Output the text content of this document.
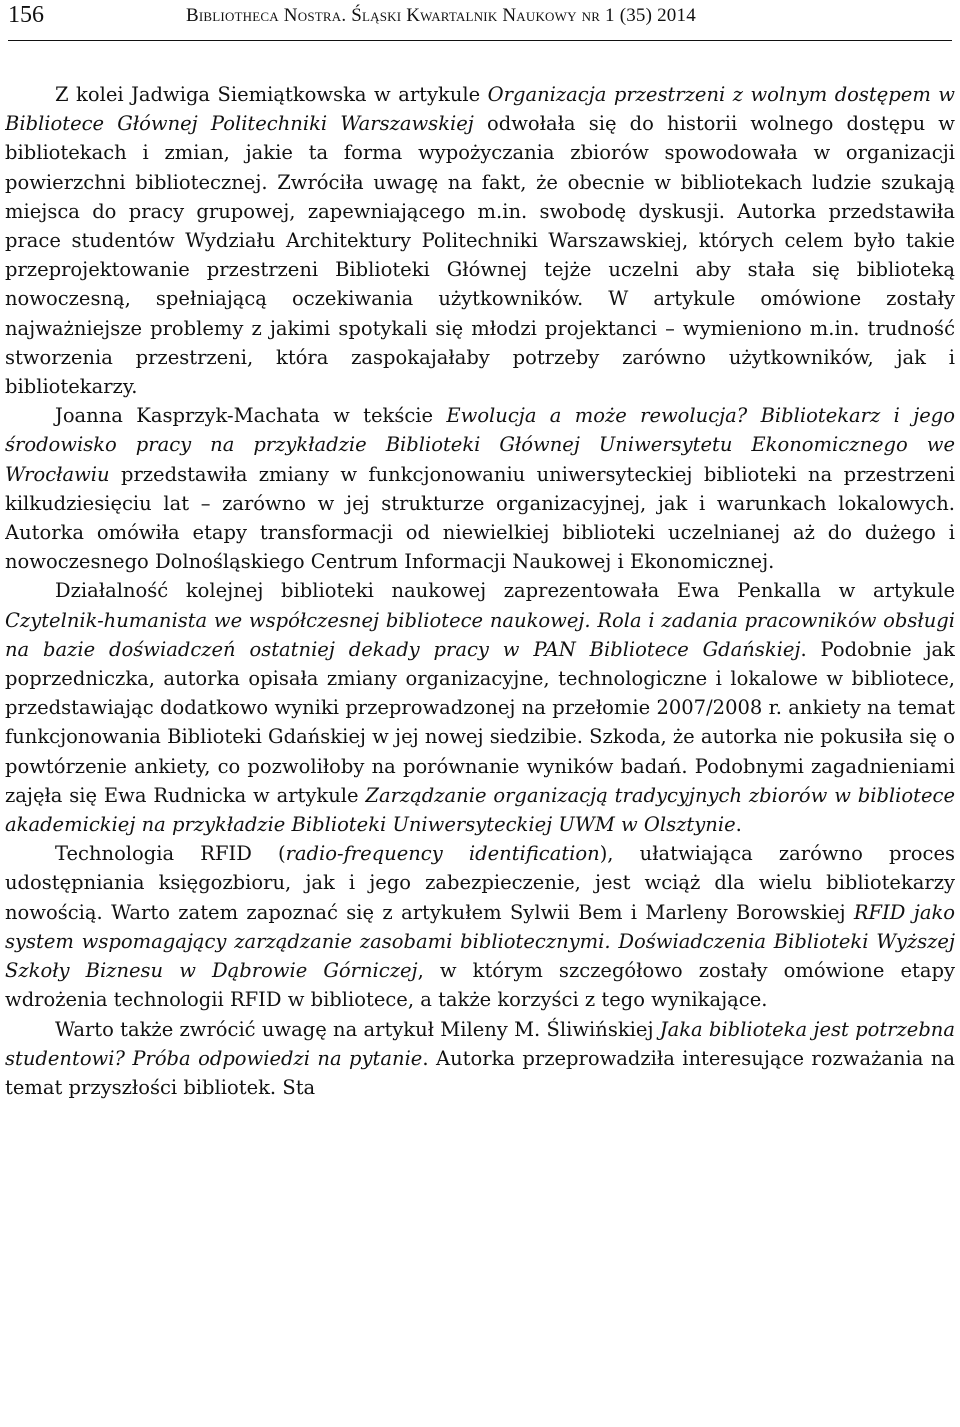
156	Bibliotheca Nostra. Śląski Kwartalnik Naukowy nr 1 (35) 2014

Z kolei Jadwiga Siemiątkowska w artykule Organizacja przestrzeni z wolnym dostępem w Bibliotece Głównej Politechniki Warszawskiej odwołała się do historii wolnego dostępu w bibliotekach i zmian, jakie ta forma wypożyczania zbiorów spowodowała w organizacji powierzchni bibliotecznej. Zwróciła uwagę na fakt, że obecnie w bibliotekach ludzie szukają miejsca do pracy grupowej, zapewniającego m.in. swobodę dyskusji. Autorka przedstawiła prace studentów Wydziału Architektury Politechniki Warszawskiej, których celem było takie przeprojektowanie przestrzeni Biblioteki Głównej tejże uczelni aby stała się biblioteką nowoczesną, spełniającą oczekiwania użytkowników. W artykule omówione zostały najważniejsze problemy z jakimi spotykali się młodzi projektanci – wymieniono m.in. trudność stworzenia przestrzeni, która zaspokajałaby potrzeby zarówno użytkowników, jak i bibliotekarzy.

Joanna Kasprzyk-Machata w tekście Ewolucja a może rewolucja? Bibliotekarz i jego środowisko pracy na przykładzie Biblioteki Głównej Uniwersytetu Ekonomicznego we Wrocławiu przedstawiła zmiany w funkcjonowaniu uniwersyteckiej biblioteki na przestrzeni kilkudziesięciu lat – zarówno w jej strukturze organizacyjnej, jak i warunkach lokalowych. Autorka omówiła etapy transformacji od niewielkiej biblioteki uczelnianej aż do dużego i nowoczesnego Dolnośląskiego Centrum Informacji Naukowej i Ekonomicznej.

Działalność kolejnej biblioteki naukowej zaprezentowała Ewa Penkalla w artykule Czytelnik-humanista we współczesnej bibliotece naukowej. Rola i zadania pracowników obsługi na bazie doświadczeń ostatniej dekady pracy w PAN Bibliotece Gdańskiej. Podobnie jak poprzedniczka, autorka opisała zmiany organizacyjne, technologiczne i lokalowe w bibliotece, przedstawiając dodatkowo wyniki przeprowadzonej na przełomie 2007/2008 r. ankiety na temat funkcjonowania Biblioteki Gdańskiej w jej nowej siedzibie. Szkoda, że autorka nie pokusiła się o powtórzenie ankiety, co pozwoliłoby na porównanie wyników badań. Podobnymi zagadnieniami zajęła się Ewa Rudnicka w artykule Zarządzanie organizacją tradycyjnych zbiorów w bibliotece akademickiej na przykładzie Biblioteki Uniwersyteckiej UWM w Olsztynie.

Technologia RFID (radio-frequency identification), ułatwiająca zarówno proces udostępniania księgozbioru, jak i jego zabezpieczenie, jest wciąż dla wielu bibliotekarzy nowością. Warto zatem zapoznać się z artykułem Sylwii Bem i Marleny Borowskiej RFID jako system wspomagający zarządzanie zasobami bibliotecznymi. Doświadczenia Biblioteki Wyższej Szkoły Biznesu w Dąbrowie Górniczej, w którym szczegółowo zostały omówione etapy wdrożenia technologii RFID w bibliotece, a także korzyści z tego wynikające.

Warto także zwrócić uwagę na artykuł Mileny M. Śliwińskiej Jaka biblioteka jest potrzebna studentowi? Próba odpowiedzi na pytanie. Autorka przeprowadziła interesujące rozważania na temat przyszłości bibliotek. Sta
